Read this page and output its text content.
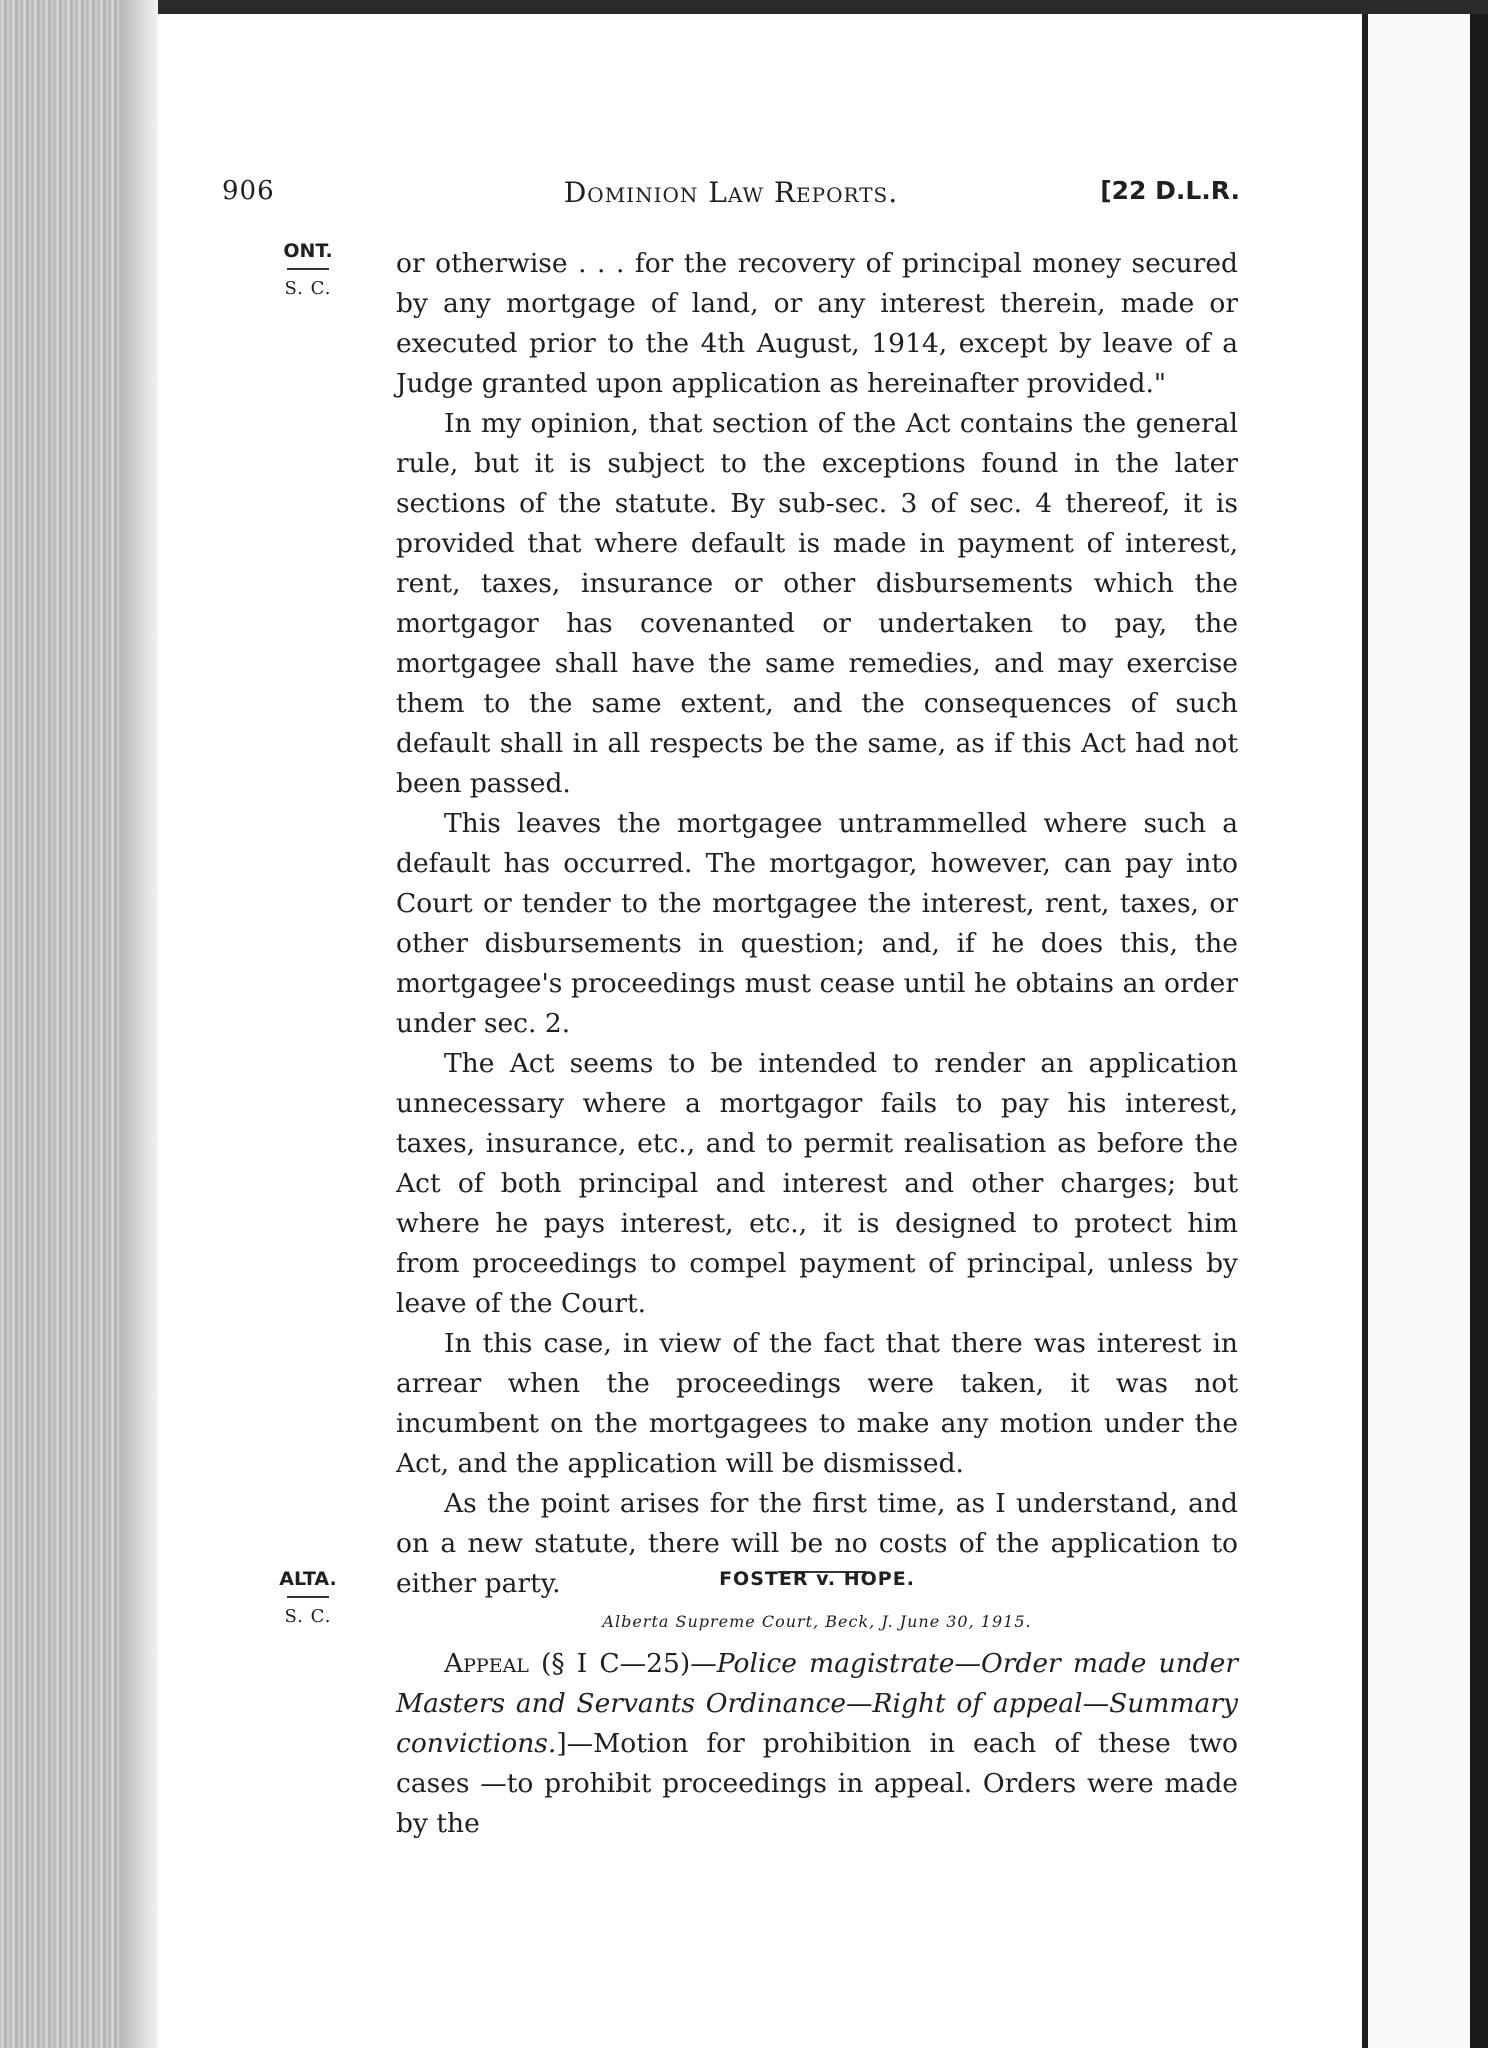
906	Dominion Law Reports.	[22 D.L.R.
ONT.
S. C.

or otherwise . . . for the recovery of principal money secured by any mortgage of land, or any interest therein, made or executed prior to the 4th August, 1914, except by leave of a Judge granted upon application as hereinafter provided."

In my opinion, that section of the Act contains the general rule, but it is subject to the exceptions found in the later sections of the statute. By sub-sec. 3 of sec. 4 thereof, it is provided that where default is made in payment of interest, rent, taxes, insurance or other disbursements which the mortgagor has covenanted or undertaken to pay, the mortgagee shall have the same remedies, and may exercise them to the same extent, and the consequences of such default shall in all respects be the same, as if this Act had not been passed.

This leaves the mortgagee untrammelled where such a default has occurred. The mortgagor, however, can pay into Court or tender to the mortgagee the interest, rent, taxes, or other disbursements in question; and, if he does this, the mortgagee's proceedings must cease until he obtains an order under sec. 2.

The Act seems to be intended to render an application unnecessary where a mortgagor fails to pay his interest, taxes, insurance, etc., and to permit realisation as before the Act of both principal and interest and other charges; but where he pays interest, etc., it is designed to protect him from proceedings to compel payment of principal, unless by leave of the Court.

In this case, in view of the fact that there was interest in arrear when the proceedings were taken, it was not incumbent on the mortgagees to make any motion under the Act, and the application will be dismissed.

As the point arises for the first time, as I understand, and on a new statute, there will be no costs of the application to either party.

ALTA.
S. C.
FOSTER v. HOPE.
Alberta Supreme Court, Beck, J. June 30, 1915.

Appeal (§ I C—25)—Police magistrate—Order made under Masters and Servants Ordinance—Right of appeal—Summary convictions.]—Motion for prohibition in each of these two cases —to prohibit proceedings in appeal. Orders were made by the
